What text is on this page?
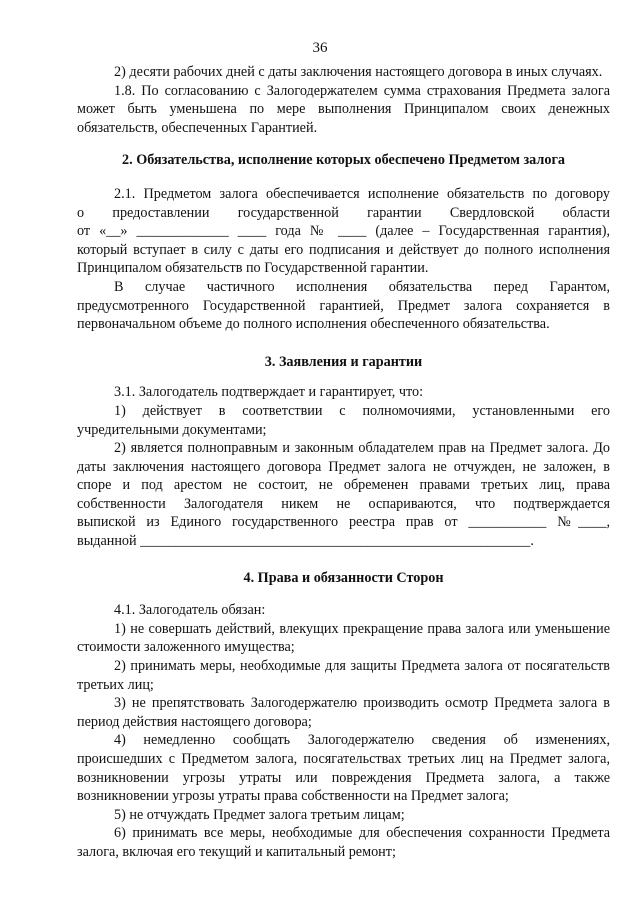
36

2) десяти рабочих дней с даты заключения настоящего договора в иных случаях.

1.8. По согласованию с Залогодержателем сумма страхования Предмета залога может быть уменьшена по мере выполнения Принципалом своих денежных обязательств, обеспеченных Гарантией.

2. Обязательства, исполнение которых обеспечено Предметом залога

2.1. Предметом залога обеспечивается исполнение обязательств по договору

о предоставлении государственной гарантии Свердловской области

от «__» _____________ ____ года № ____ (далее – Государственная гарантия),

который вступает в силу с даты его подписания и действует до полного исполнения Принципалом обязательств по Государственной гарантии.

В случае частичного исполнения обязательства перед Гарантом, предусмотренного Государственной гарантией, Предмет залога сохраняется в первоначальном объеме до полного исполнения обеспеченного обязательства.

3. Заявления и гарантии

3.1. Залогодатель подтверждает и гарантирует, что:

1) действует в соответствии с полномочиями, установленными его учредительными документами;

2) является полноправным и законным обладателем прав на Предмет залога. До даты заключения настоящего договора Предмет залога не отчужден, не заложен, в споре и под арестом не состоит, не обременен правами третьих лиц, права собственности Залогодателя никем не оспариваются, что подтверждается

выпиской из Единого государственного реестра прав от ___________ №____,

выданной _______________________________________________________.

4. Права и обязанности Сторон

4.1. Залогодатель обязан:

1) не совершать действий, влекущих прекращение права залога или уменьшение стоимости заложенного имущества;

2) принимать меры, необходимые для защиты Предмета залога от посягательств третьих лиц;

3) не препятствовать Залогодержателю производить осмотр Предмета залога в период действия настоящего договора;

4) немедленно сообщать Залогодержателю сведения об изменениях, происшедших с Предметом залога, посягательствах третьих лиц на Предмет залога, возникновении угрозы утраты или повреждения Предмета залога, а также возникновении угрозы утраты права собственности на Предмет залога;

5) не отчуждать Предмет залога третьим лицам;

6) принимать все меры, необходимые для обеспечения сохранности Предмета залога, включая его текущий и капитальный ремонт;
